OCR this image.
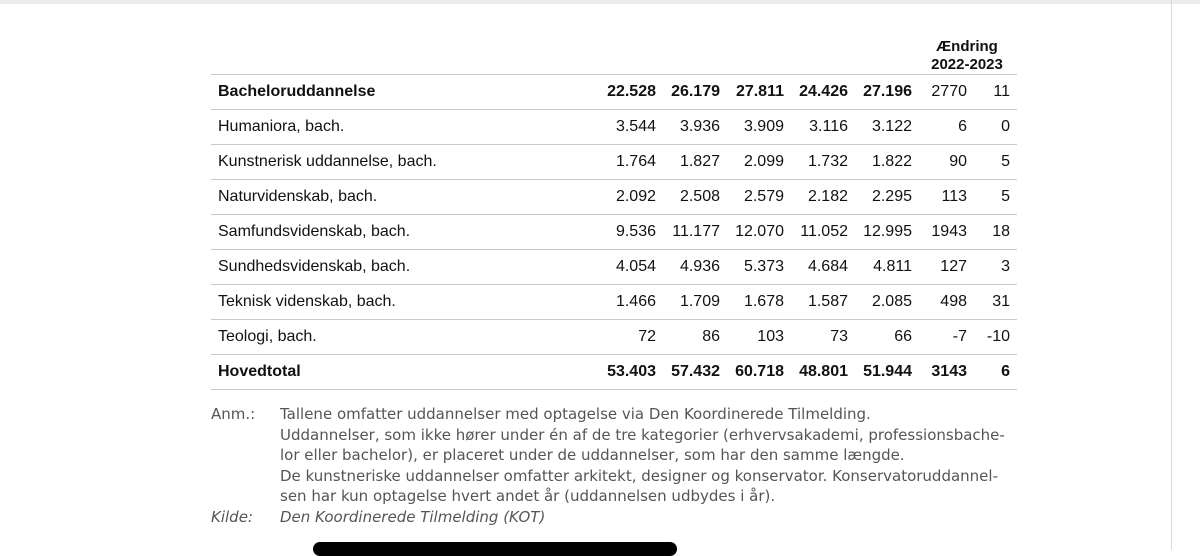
Ændring
2022-2023
Bacheloruddannelse	22.528 26.179 27.811 24.426 27.196 2770 11
Humaniora, bach.	3.544 3.936 3.909 3.116 3.122	6 0
Kunstnerisk uddannelse, bach.	1.764 1.827 2.099 1.732 1.822 90 5
Naturvidenskab, bach.	2.092 2.508 2.579 2.182 2.295 113 5
Samfundsvidenskab, bach.	9.536 11.177 12.070 11.052 12.995 1943 18
Sundhedsvidenskab, bach.	4.054 4.936 5.373 4.684 4.811 127 3
Teknisk videnskab, bach.	1.466 1.709 1.678 1.587 2.085 498 31
Teologi, bach.	72	86 103	73	66	-7 -10
Hovedtotal	53.403 57.432 60.718 48.801 51.944 3143 6
Anm.:	Tallene omfatter uddannelser med optagelse via Den Koordinerede Tilmelding.
Uddannelser, som ikke hører under én af de tre kategorier (erhvervsakademi, professionsbache-
lor eller bachelor), er placeret under de uddannelser, som har den samme længde.
De kunstneriske uddannelser omfatter arkitekt, designer og konservator. Konservatoruddannel-
sen har kun optagelse hvert andet år (uddannelsen udbydes i år).
Kilde:	Den Koordinerede Tilmelding (KOT)
